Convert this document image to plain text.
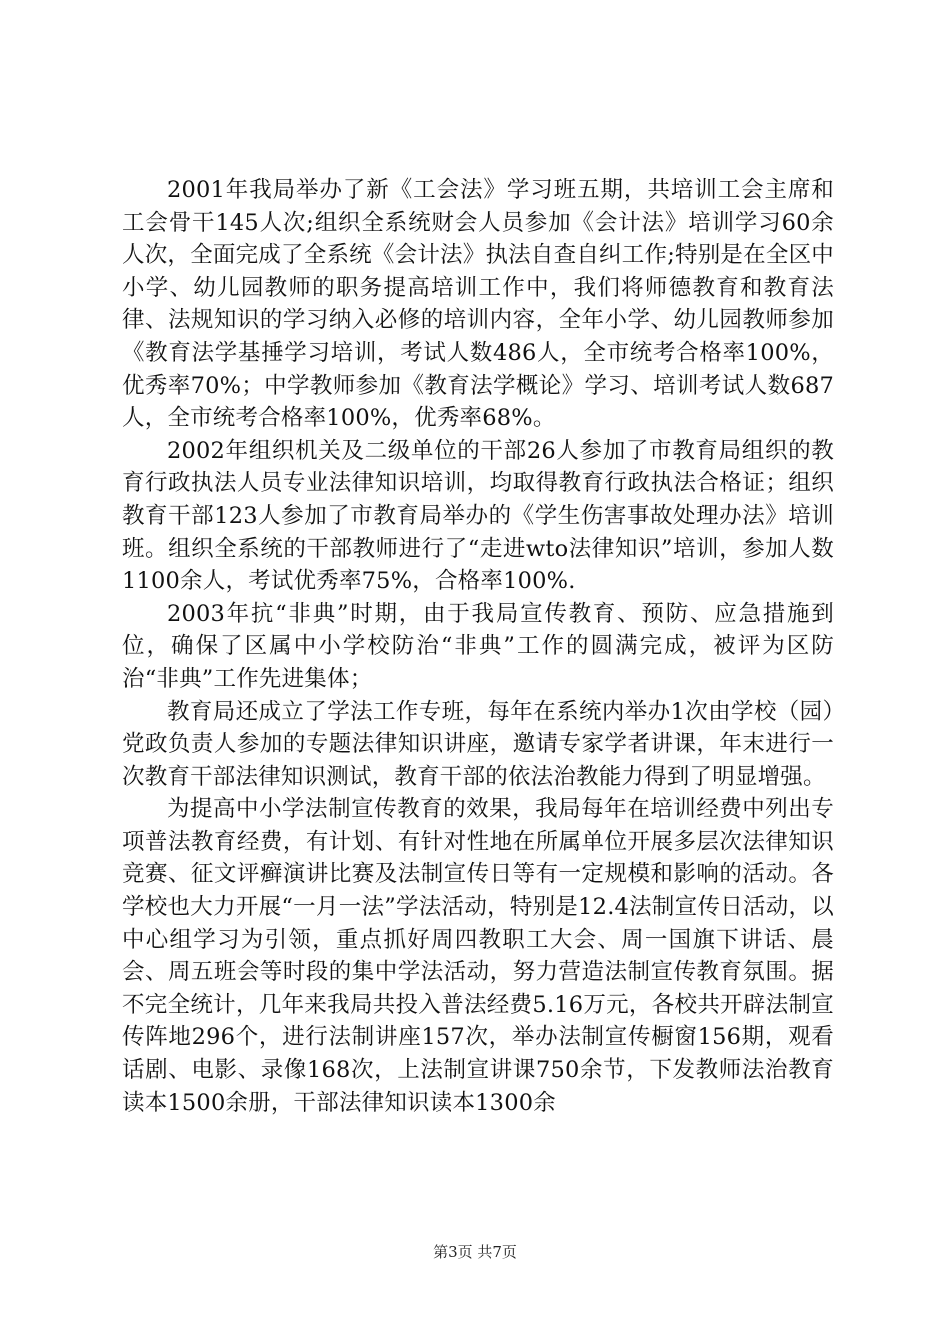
2001年我局举办了新《工会法》学习班五期，共培训工会主席和工会骨干145人次;组织全系统财会人员参加《会计法》培训学习60余人次，全面完成了全系统《会计法》执法自查自纠工作;特别是在全区中小学、幼儿园教师的职务提高培训工作中，我们将师德教育和教育法律、法规知识的学习纳入必修的培训内容，全年小学、幼儿园教师参加《教育法学基捶学习培训，考试人数486人，全市统考合格率100%，优秀率70%；中学教师参加《教育法学概论》学习、培训考试人数687人，全市统考合格率100%，优秀率68%。

2002年组织机关及二级单位的干部26人参加了市教育局组织的教育行政执法人员专业法律知识培训，均取得教育行政执法合格证；组织教育干部123人参加了市教育局举办的《学生伤害事故处理办法》培训班。组织全系统的干部教师进行了“走进wto法律知识”培训，参加人数1100余人，考试优秀率75%，合格率100%.

2003年抗“非典”时期，由于我局宣传教育、预防、应急措施到位，确保了区属中小学校防治“非典”工作的圆满完成，被评为区防治“非典”工作先进集体；

教育局还成立了学法工作专班，每年在系统内举办1次由学校（园）党政负责人参加的专题法律知识讲座，邀请专家学者讲课，年末进行一次教育干部法律知识测试，教育干部的依法治教能力得到了明显增强。

为提高中小学法制宣传教育的效果，我局每年在培训经费中列出专项普法教育经费，有计划、有针对性地在所属单位开展多层次法律知识竞赛、征文评癣演讲比赛及法制宣传日等有一定规模和影响的活动。各学校也大力开展“一月一法”学法活动，特别是12.4法制宣传日活动，以中心组学习为引领，重点抓好周四教职工大会、周一国旗下讲话、晨会、周五班会等时段的集中学法活动，努力营造法制宣传教育氛围。据不完全统计，几年来我局共投入普法经费5.16万元，各校共开辟法制宣传阵地296个，进行法制讲座157次，举办法制宣传橱窗156期，观看话剧、电影、录像168次，上法制宣讲课750余节，下发教师法治教育读本1500余册，干部法律知识读本1300余

第3页 共7页
